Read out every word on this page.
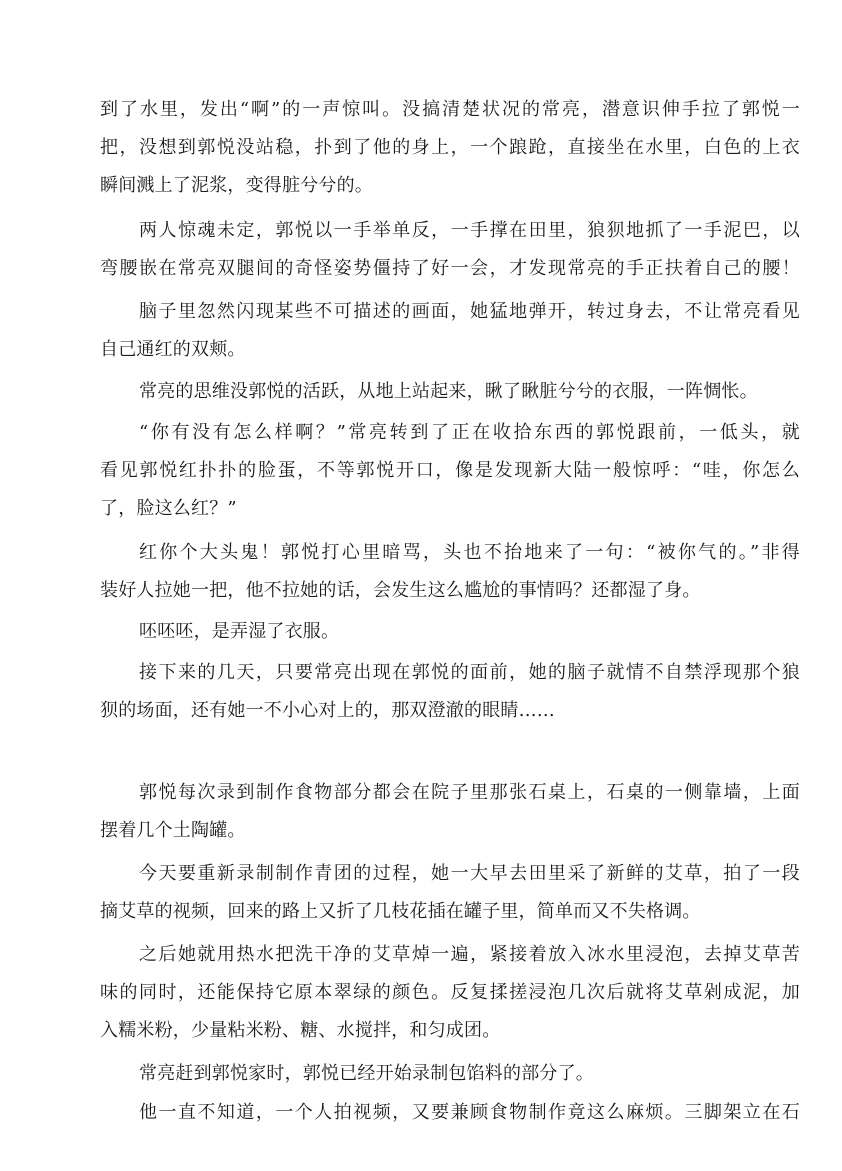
到了水里，发出“啊”的一声惊叫。没搞清楚状况的常亮，潜意识伸手拉了郭悦一
把，没想到郭悦没站稳，扑到了他的身上，一个踉跄，直接坐在水里，白色的上衣
瞬间溅上了泥浆，变得脏兮兮的。
两人惊魂未定，郭悦以一手举单反，一手撑在田里，狼狈地抓了一手泥巴，以
弯腰嵌在常亮双腿间的奇怪姿势僵持了好一会，才发现常亮的手正扶着自己的腰！
脑子里忽然闪现某些不可描述的画面，她猛地弹开，转过身去，不让常亮看见
自己通红的双颊。
常亮的思维没郭悦的活跃，从地上站起来，瞅了瞅脏兮兮的衣服，一阵惆怅。
“你有没有怎么样啊？”常亮转到了正在收拾东西的郭悦跟前，一低头，就
看见郭悦红扑扑的脸蛋，不等郭悦开口，像是发现新大陆一般惊呼：“哇，你怎么
了，脸这么红？”
红你个大头鬼！郭悦打心里暗骂，头也不抬地来了一句：“被你气的。”非得
装好人拉她一把，他不拉她的话，会发生这么尴尬的事情吗？还都湿了身。
呸呸呸，是弄湿了衣服。
接下来的几天，只要常亮出现在郭悦的面前，她的脑子就情不自禁浮现那个狼
狈的场面，还有她一不小心对上的，那双澄澈的眼睛……
郭悦每次录到制作食物部分都会在院子里那张石桌上，石桌的一侧靠墙，上面
摆着几个土陶罐。
今天要重新录制制作青团的过程，她一大早去田里采了新鲜的艾草，拍了一段
摘艾草的视频，回来的路上又折了几枝花插在罐子里，简单而又不失格调。
之后她就用热水把洗干净的艾草焯一遍，紧接着放入冰水里浸泡，去掉艾草苦
味的同时，还能保持它原本翠绿的颜色。反复揉搓浸泡几次后就将艾草剁成泥，加
入糯米粉，少量粘米粉、糖、水搅拌，和匀成团。
常亮赶到郭悦家时，郭悦已经开始录制包馅料的部分了。
他一直不知道，一个人拍视频，又要兼顾食物制作竟这么麻烦。三脚架立在石
